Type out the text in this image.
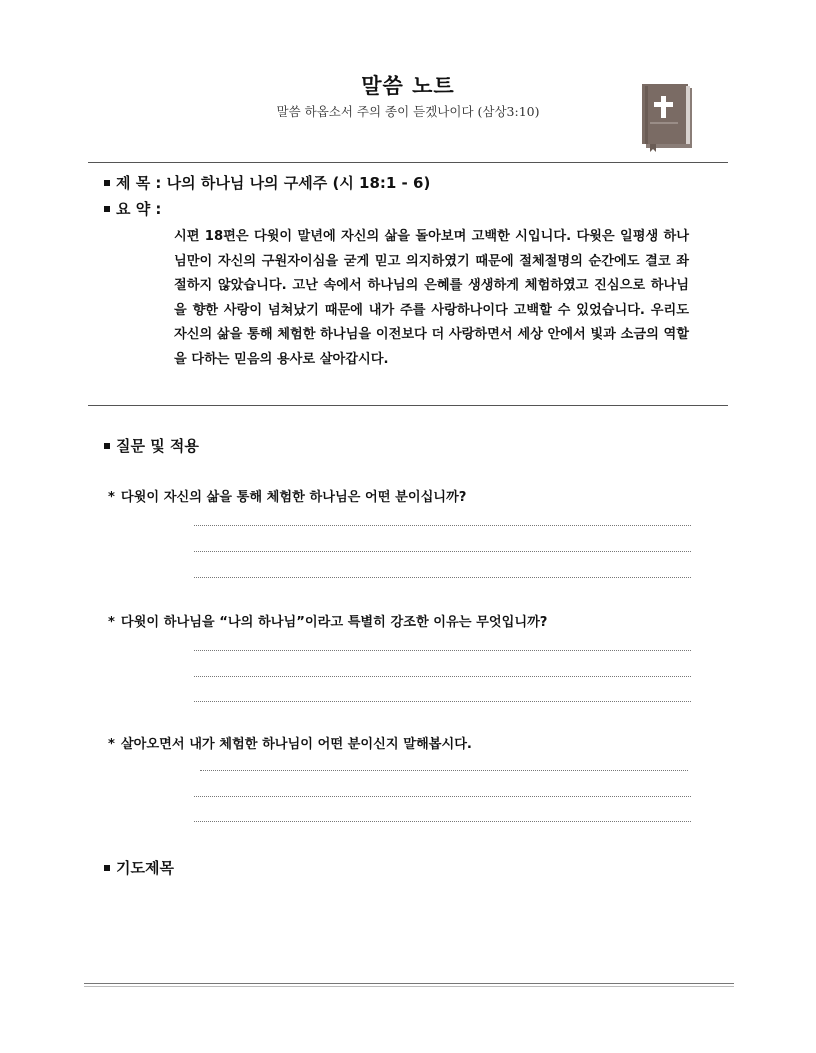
말씀 노트
말씀 하옵소서 주의 종이 듣겠나이다 (삼상3:10)
제 목 : 나의 하나님 나의 구세주 (시 18:1 - 6)
요 약 :
시편 18편은 다윗이 말년에 자신의 삶을 돌아보며 고백한 시입니다. 다윗은 일평생 하나님만이 자신의 구원자이심을 굳게 믿고 의지하였기 때문에 절체절명의 순간에도 결코 좌절하지 않았습니다. 고난 속에서 하나님의 은혜를 생생하게 체험하였고 진심으로 하나님을 향한 사랑이 넘쳐났기 때문에 내가 주를 사랑하나이다 고백할 수 있었습니다. 우리도 자신의 삶을 통해 체험한 하나님을 이전보다 더 사랑하면서 세상 안에서 빛과 소금의 역할을 다하는 믿음의 용사로 살아갑시다.
질문 및 적용
* 다윗이 자신의 삶을 통해 체험한 하나님은 어떤 분이십니까?
* 다윗이 하나님을 “나의 하나님”이라고 특별히 강조한 이유는 무엇입니까?
* 살아오면서 내가 체험한 하나님이 어떤 분이신지 말해봅시다.
기도제목
